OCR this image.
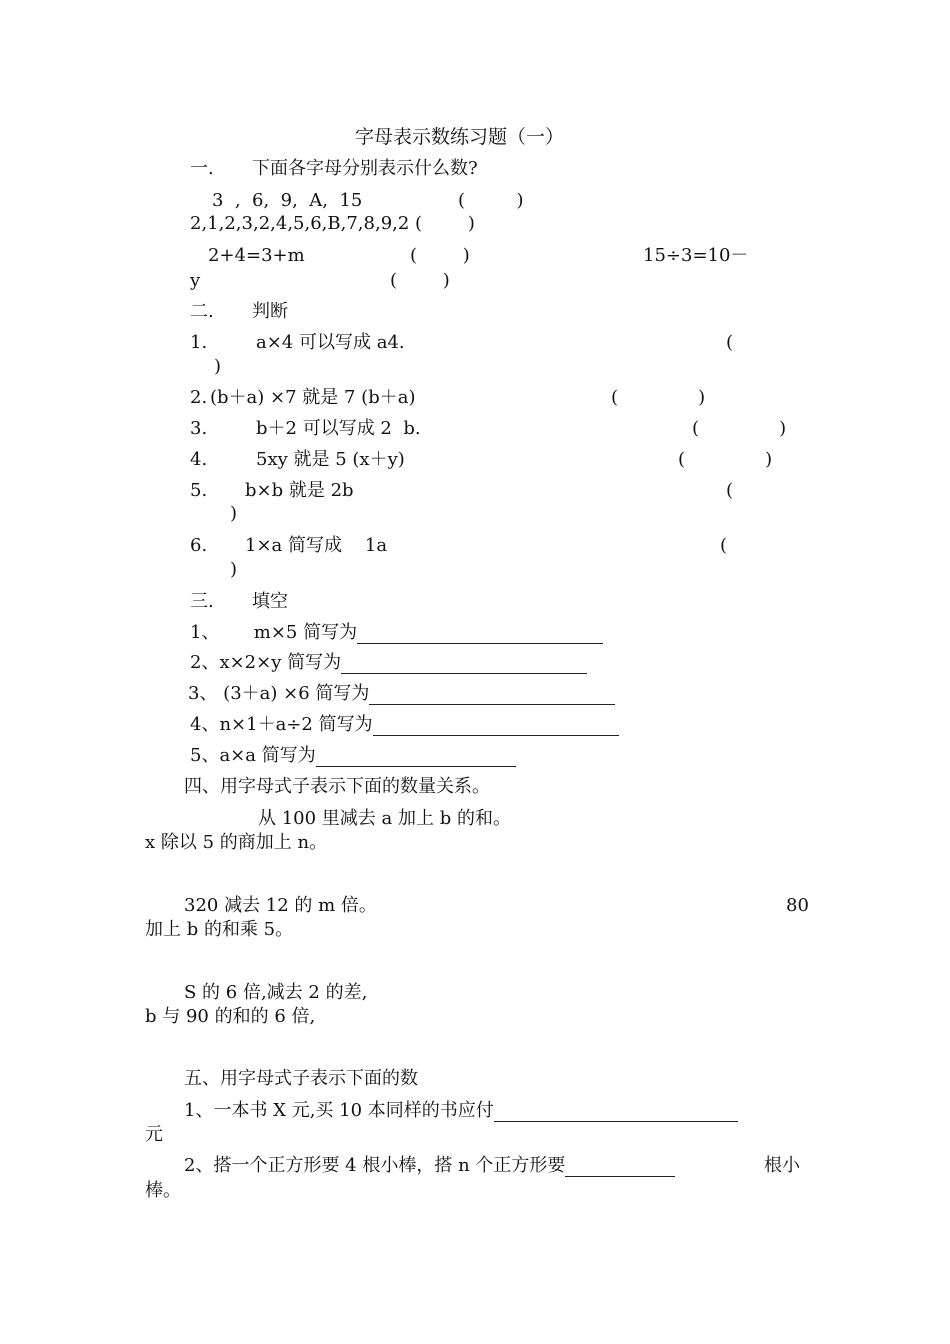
字母表示数练习题（一）
一. 下面各字母分别表示什么数?
3  ,  6,  9,  A,  15	(         )
2,1,2,3,2,4,5,6,B,7,8,9,2 (        )
2+4=3+m	(        )	15÷3=10－
y	(        )
二. 判断
1.	a×4 可以写成 a4.	(
)
2. (b＋a) ×7 就是 7 (b＋a)	(              )
3.	b＋2 可以写成 2  b.	(              )
4.	5xy 就是 5 (x＋y)	(              )
5. b×b 就是 2b	(
)
6. 1×a 简写成    1a	(
)
三. 填空
1、      m×5 简写为
2、x×2×y 简写为
3、 (3＋a) ×6 简写为
4、n×1＋a÷2 简写为
5、a×a 简写为
四、用字母式子表示下面的数量关系。
从 100 里减去 a 加上 b 的和。
x 除以 5 的商加上 n。
320 减去 12 的 m 倍。	80
加上 b 的和乘 5。
S 的 6 倍,减去 2 的差,
b 与 90 的和的 6 倍,
五、用字母式子表示下面的数
1、一本书 X 元,买 10 本同样的书应付
元
2、搭一个正方形要 4 根小棒，搭 n 个正方形要	根小
棒。
